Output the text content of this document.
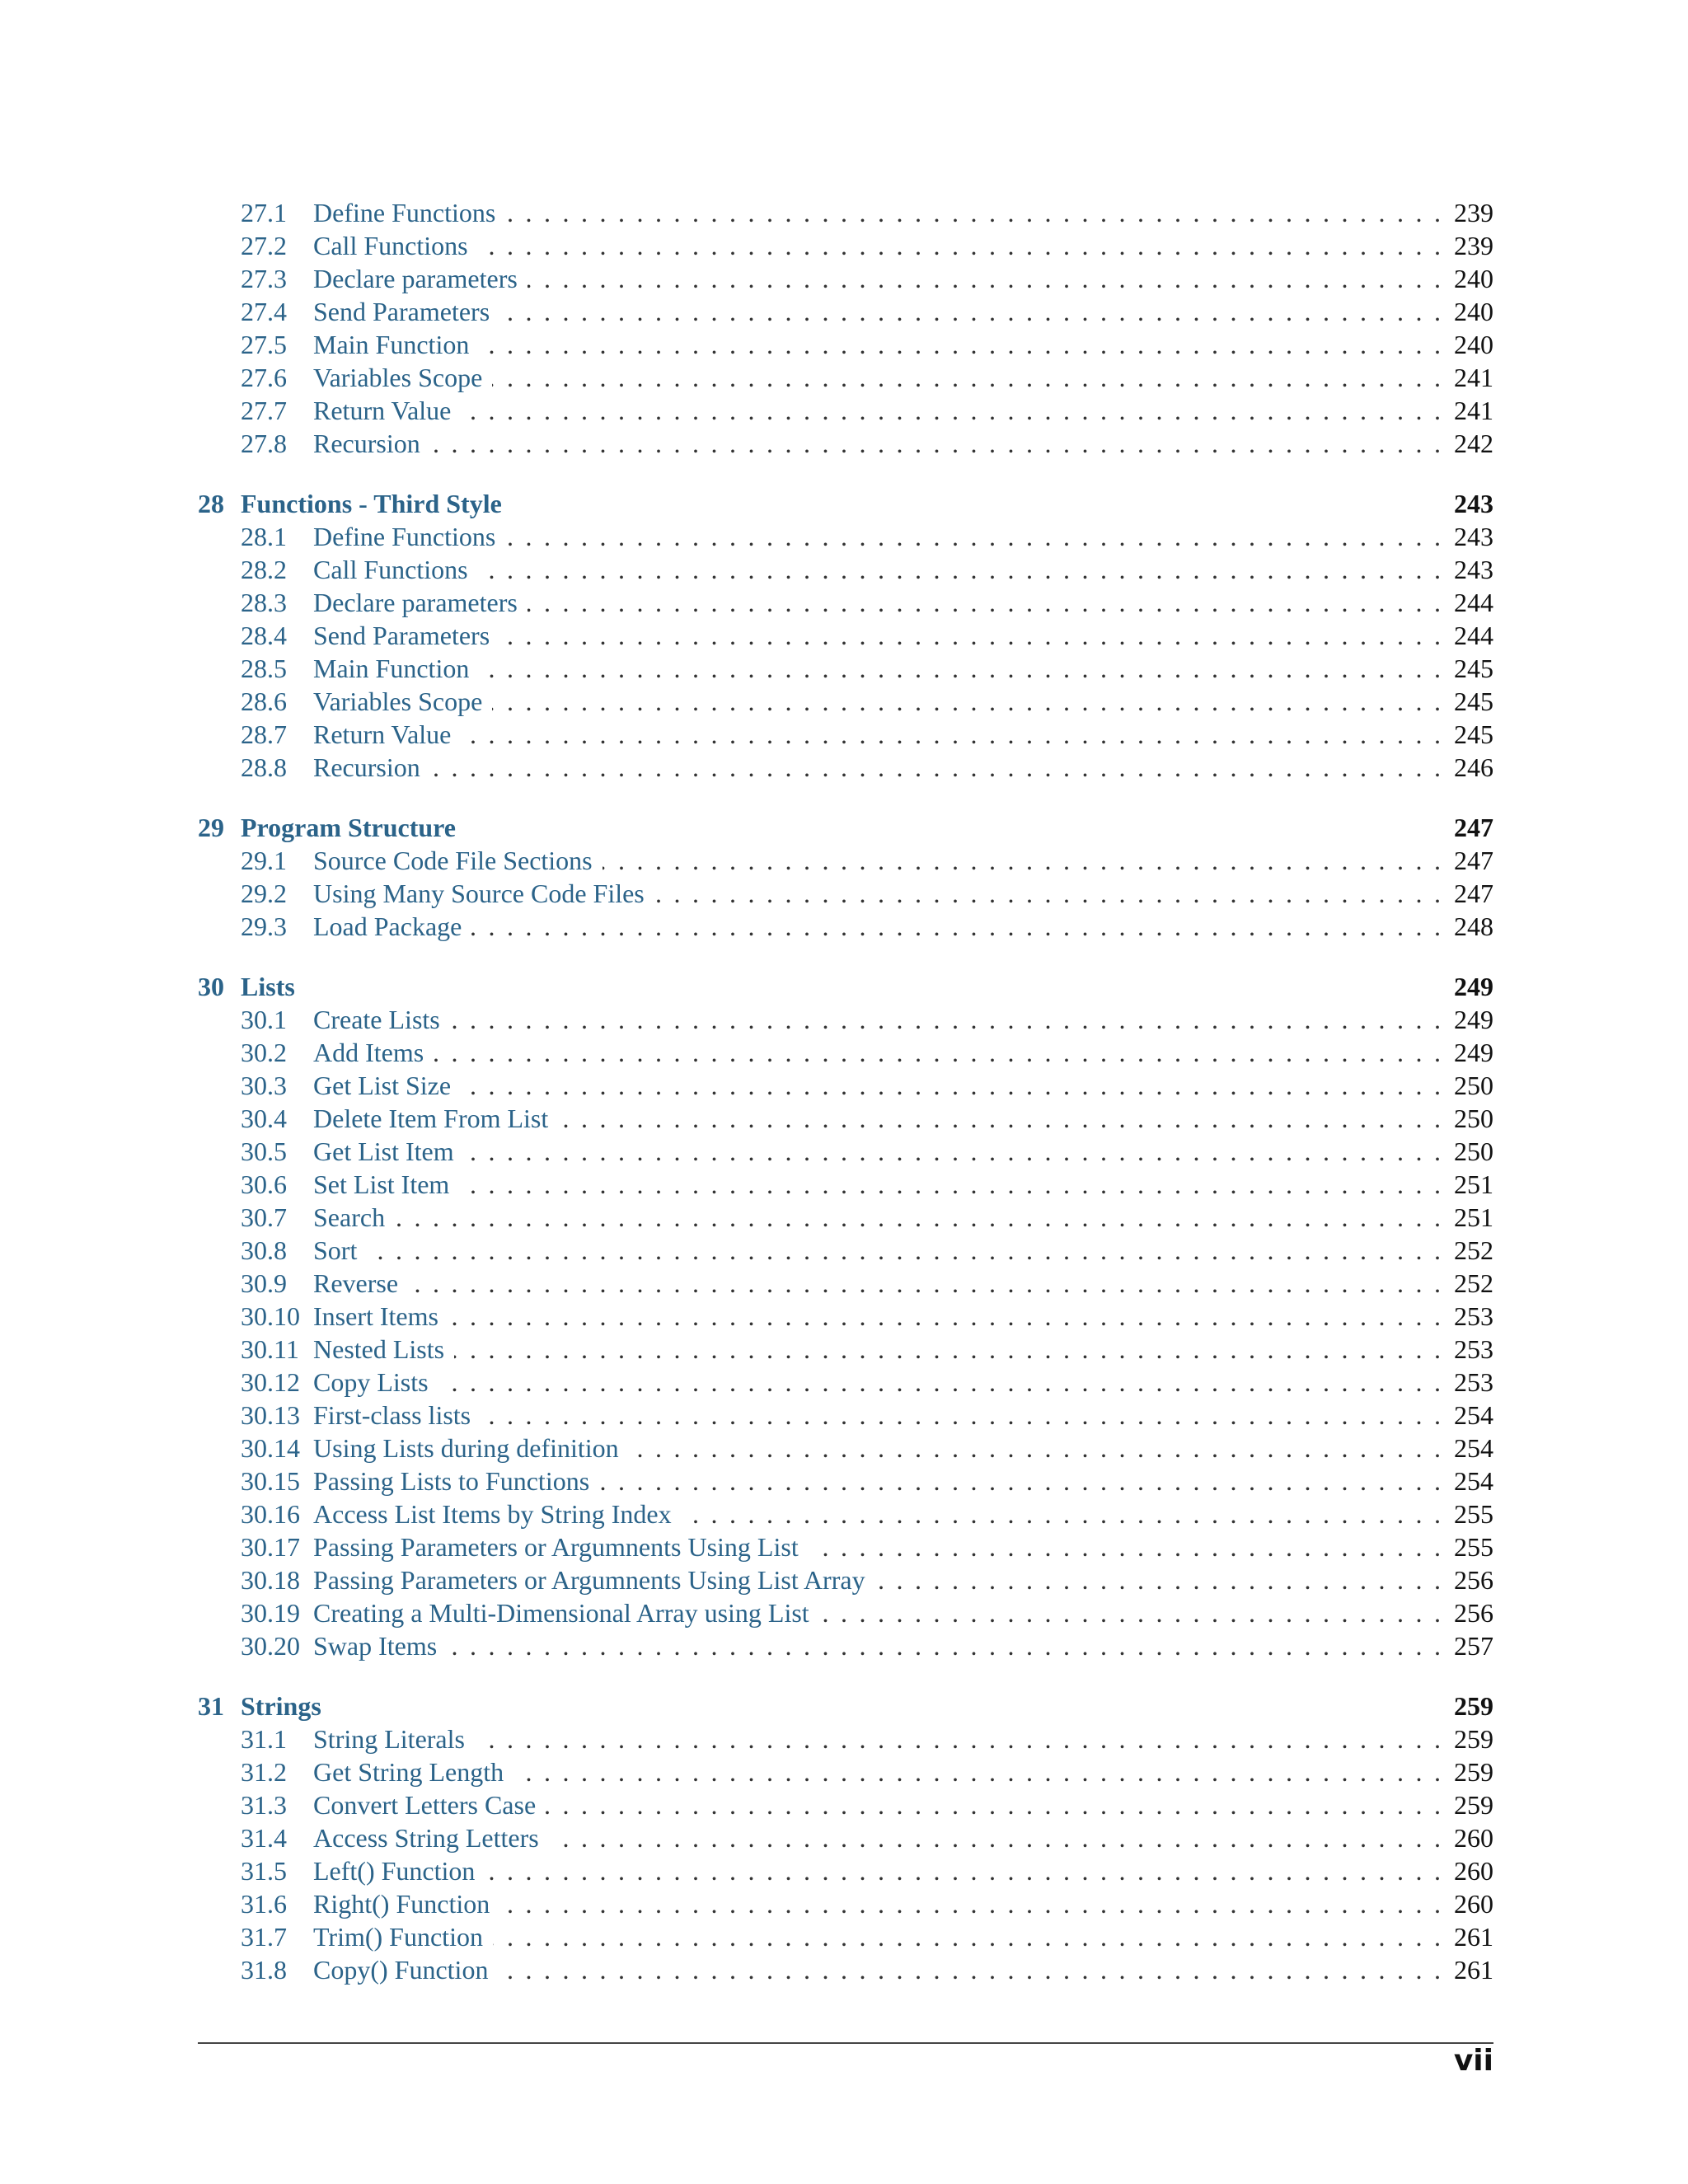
27.1	Define Functions . . .	239
27.2	Call Functions . . .	239
27.3	Declare parameters . . .	240
27.4	Send Parameters . . .	240
27.5	Main Function . . .	240
27.6	Variables Scope . . .	241
27.7	Return Value . . .	241
27.8	Recursion . . .	242
28 Functions - Third Style	243
28.1	Define Functions . . .	243
28.2	Call Functions . . .	243
28.3	Declare parameters . . .	244
28.4	Send Parameters . . .	244
28.5	Main Function . . .	245
28.6	Variables Scope . . .	245
28.7	Return Value . . .	245
28.8	Recursion . . .	246
29 Program Structure	247
29.1	Source Code File Sections . . .	247
29.2	Using Many Source Code Files . . .	247
29.3	Load Package . . .	248
30 Lists	249
30.1	Create Lists . . .	249
30.2	Add Items . . .	249
30.3	Get List Size . . .	250
30.4	Delete Item From List . . .	250
30.5	Get List Item . . .	250
30.6	Set List Item . . .	251
30.7	Search . . .	251
30.8	Sort . . .	252
30.9	Reverse . . .	252
30.10 Insert Items . . .	253
30.11 Nested Lists . . .	253
30.12 Copy Lists . . .	253
30.13 First-class lists . . .	254
30.14 Using Lists during definition . . .	254
30.15 Passing Lists to Functions . . .	254
30.16 Access List Items by String Index . . .	255
30.17 Passing Parameters or Argumnents Using List . . .	255
30.18 Passing Parameters or Argumnents Using List Array . . .	256
30.19 Creating a Multi-Dimensional Array using List . . .	256
30.20 Swap Items . . .	257
31 Strings	259
31.1	String Literals . . .	259
31.2	Get String Length . . .	259
31.3	Convert Letters Case . . .	259
31.4	Access String Letters . . .	260
31.5	Left() Function . . .	260
31.6	Right() Function . . .	260
31.7	Trim() Function . . .	261
31.8	Copy() Function . . .	261
vii
